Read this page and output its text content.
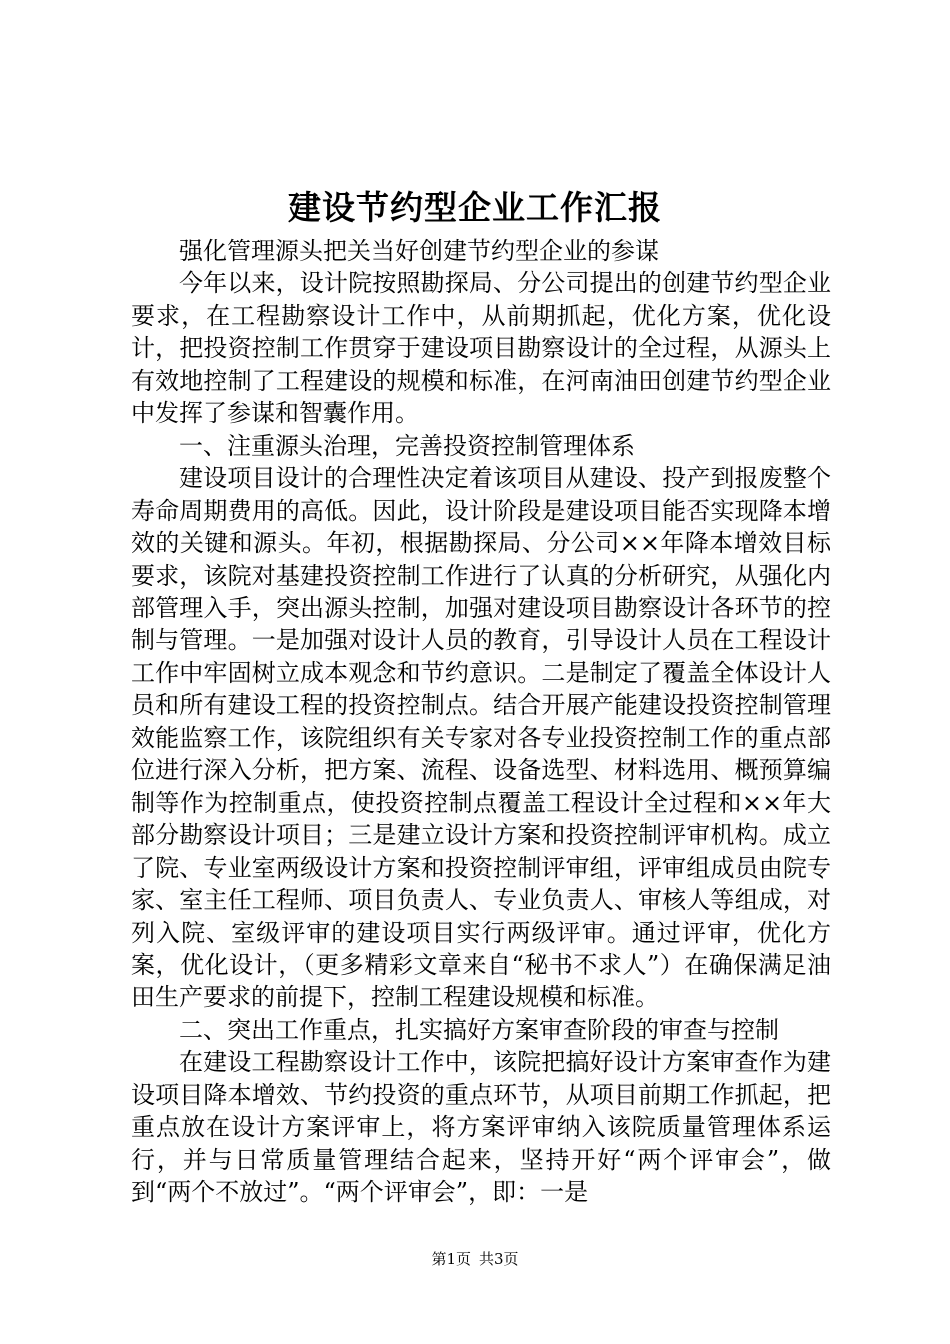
建设节约型企业工作汇报

强化管理源头把关当好创建节约型企业的参谋

今年以来，设计院按照勘探局、分公司提出的创建节约型企业要求，在工程勘察设计工作中，从前期抓起，优化方案，优化设计，把投资控制工作贯穿于建设项目勘察设计的全过程，从源头上有效地控制了工程建设的规模和标准，在河南油田创建节约型企业中发挥了参谋和智囊作用。

一、注重源头治理，完善投资控制管理体系

建设项目设计的合理性决定着该项目从建设、投产到报废整个寿命周期费用的高低。因此，设计阶段是建设项目能否实现降本增效的关键和源头。年初，根据勘探局、分公司××年降本增效目标要求，该院对基建投资控制工作进行了认真的分析研究，从强化内部管理入手，突出源头控制，加强对建设项目勘察设计各环节的控制与管理。一是加强对设计人员的教育，引导设计人员在工程设计工作中牢固树立成本观念和节约意识。二是制定了覆盖全体设计人员和所有建设工程的投资控制点。结合开展产能建设投资控制管理效能监察工作，该院组织有关专家对各专业投资控制工作的重点部位进行深入分析，把方案、流程、设备选型、材料选用、概预算编制等作为控制重点，使投资控制点覆盖工程设计全过程和××年大部分勘察设计项目；三是建立设计方案和投资控制评审机构。成立了院、专业室两级设计方案和投资控制评审组，评审组成员由院专家、室主任工程师、项目负责人、专业负责人、审核人等组成，对列入院、室级评审的建设项目实行两级评审。通过评审，优化方案，优化设计，（更多精彩文章来自“秘书不求人”）在确保满足油田生产要求的前提下，控制工程建设规模和标准。

二、突出工作重点，扎实搞好方案审查阶段的审查与控制

在建设工程勘察设计工作中，该院把搞好设计方案审查作为建设项目降本增效、节约投资的重点环节，从项目前期工作抓起，把重点放在设计方案评审上，将方案评审纳入该院质量管理体系运行，并与日常质量管理结合起来，坚持开好“两个评审会”，做到“两个不放过”。“两个评审会”，即：一是

第1页 共3页
